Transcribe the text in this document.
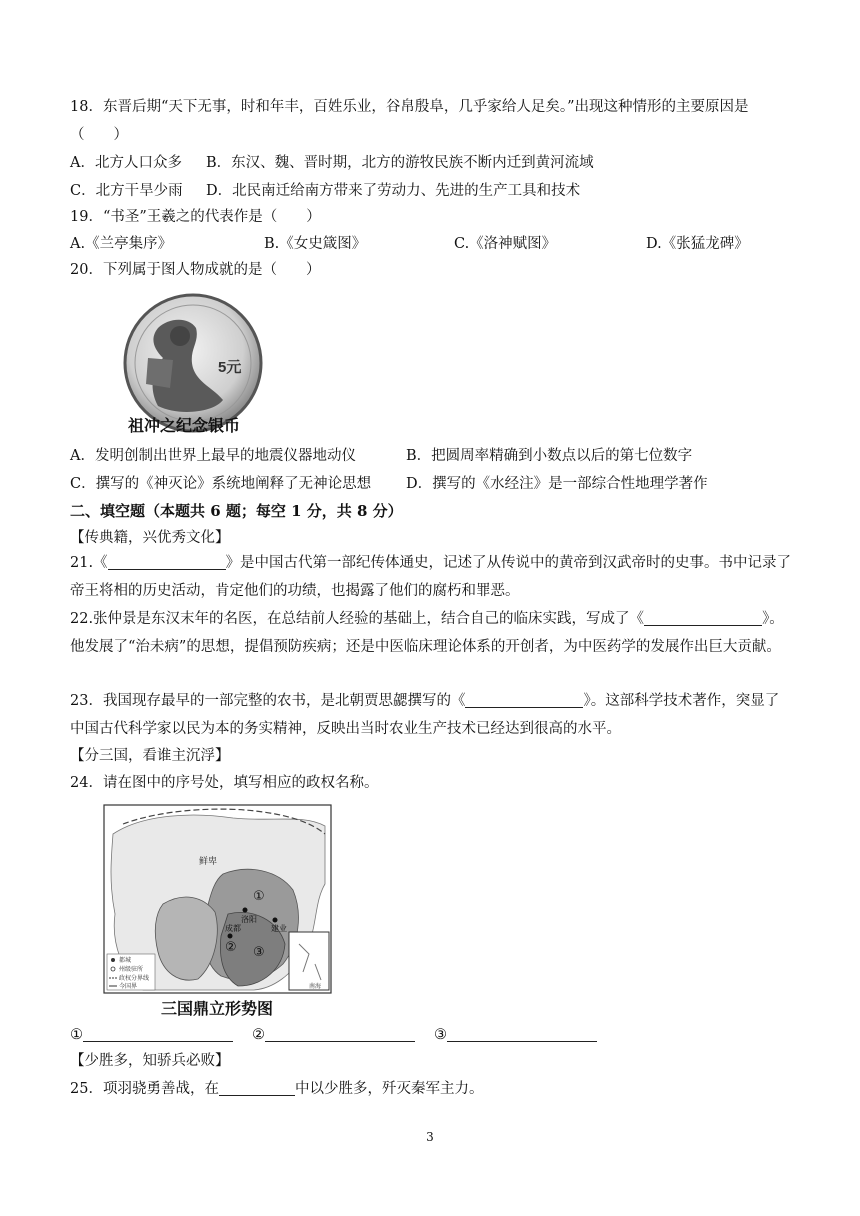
18．东晋后期“天下无事，时和年丰，百姓乐业，谷帛殷阜，几乎家给人足矣。”出现这种情形的主要原因是
（　　）
A．北方人口众多 B．东汉、魏、晋时期，北方的游牧民族不断内迁到黄河流域
C．北方干旱少雨 D．北民南迁给南方带来了劳动力、先进的生产工具和技术
19．“书圣”王羲之的代表作是（　　）
A.《兰亭集序》	B.《女史箴图》	C.《洛神赋图》	D.《张猛龙碑》
20．下列属于图人物成就的是（　　）
5元
祖冲之纪念银币
A．发明创制出世界上最早的地震仪器地动仪	B．把圆周率精确到小数点以后的第七位数字
C．撰写的《神灭论》系统地阐释了无神论思想 D．撰写的《水经注》是一部综合性地理学著作
二、填空题（本题共 6 题；每空 1 分，共 8 分）
【传典籍，兴优秀文化】
21.《	》是中国古代第一部纪传体通史，记述了从传说中的黄帝到汉武帝时的史事。书中记录了帝王将相的历史活动，肯定他们的功绩，也揭露了他们的腐朽和罪恶。
22.张仲景是东汉末年的名医，在总结前人经验的基础上，结合自己的临床实践，写成了《	》。他发展了“治未病”的思想，提倡预防疾病；还是中医临床理论体系的开创者，为中医药学的发展作出巨大贡献。
23．我国现存最早的一部完整的农书，是北朝贾思勰撰写的《	》。这部科学技术著作，突显了中国古代科学家以民为本的务实精神，反映出当时农业生产技术已经达到很高的水平。
【分三国，看谁主沉浮】
24．请在图中的序号处，填写相应的政权名称。
南海
鲜卑
①
② ③
洛阳
成都	建业
都城
州级驻所
政权分界线
今国界
三国鼎立形势图
①	②	③
【少胜多，知骄兵必败】
25．项羽骁勇善战，在	中以少胜多，歼灭秦军主力。
3
